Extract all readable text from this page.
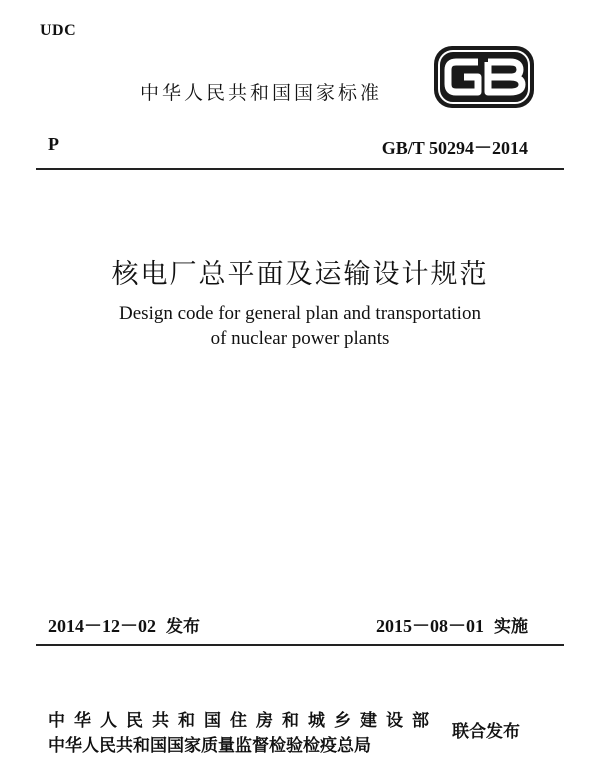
UDC
中华人民共和国国家标准
P	GB/T 50294－2014
核电厂总平面及运输设计规范
Design code for general plan and transportation
of nuclear power plants
2014－12－02 发布	2015－08－01 实施
中华人民共和国住房和城乡建设部
中华人民共和国国家质量监督检验检疫总局
联合发布
